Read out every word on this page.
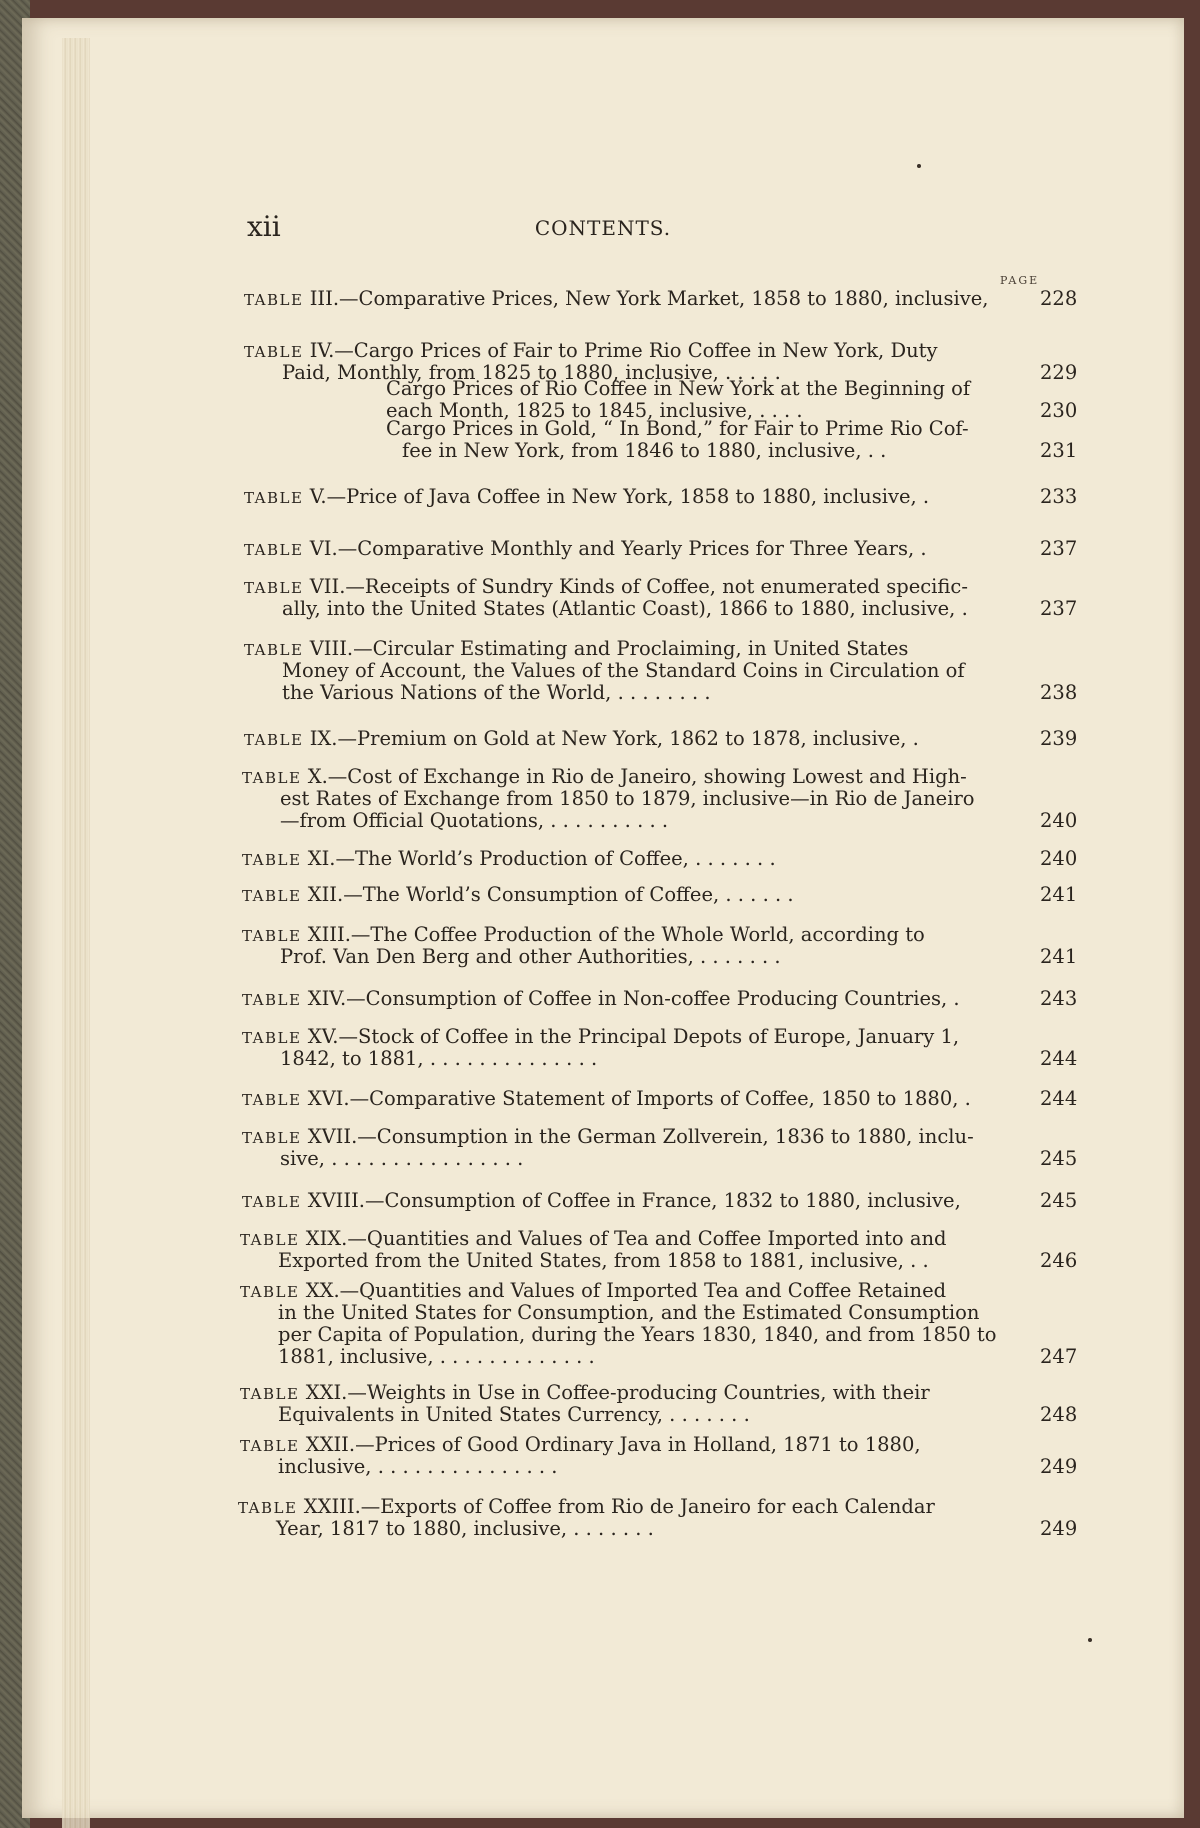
xii	CONTENTS.
PAGE
TABLE III.—Comparative Prices, New York Market, 1858 to 1880, inclusive,	228
TABLE IV.—Cargo Prices of Fair to Prime Rio Coffee in New York, Duty
Paid, Monthly, from 1825 to 1880, inclusive, . . . . .	229
Cargo Prices of Rio Coffee in New York at the Beginning of
each Month, 1825 to 1845, inclusive, . . . .	230
Cargo Prices in Gold, “ In Bond,” for Fair to Prime Rio Cof-
fee in New York, from 1846 to 1880, inclusive, . .	231
TABLE V.—Price of Java Coffee in New York, 1858 to 1880, inclusive, .	233
TABLE VI.—Comparative Monthly and Yearly Prices for Three Years, .	237
TABLE VII.—Receipts of Sundry Kinds of Coffee, not enumerated specific-
ally, into the United States (Atlantic Coast), 1866 to 1880, inclusive, .	237
TABLE VIII.—Circular Estimating and Proclaiming, in United States
Money of Account, the Values of the Standard Coins in Circulation of
the Various Nations of the World, . . . . . . . .	238
TABLE IX.—Premium on Gold at New York, 1862 to 1878, inclusive, .	239
TABLE X.—Cost of Exchange in Rio de Janeiro, showing Lowest and High-
est Rates of Exchange from 1850 to 1879, inclusive—in Rio de Janeiro
—from Official Quotations, . . . . . . . . . .	240
TABLE XI.—The World’s Production of Coffee, . . . . . . .	240
TABLE XII.—The World’s Consumption of Coffee, . . . . . .	241
TABLE XIII.—The Coffee Production of the Whole World, according to
Prof. Van Den Berg and other Authorities, . . . . . . .	241
TABLE XIV.—Consumption of Coffee in Non-coffee Producing Countries, .	243
TABLE XV.—Stock of Coffee in the Principal Depots of Europe, January 1,
1842, to 1881, . . . . . . . . . . . . . .	244
TABLE XVI.—Comparative Statement of Imports of Coffee, 1850 to 1880, .	244
TABLE XVII.—Consumption in the German Zollverein, 1836 to 1880, inclu-
sive, . . . . . . . . . . . . . . . .	245
TABLE XVIII.—Consumption of Coffee in France, 1832 to 1880, inclusive,	245
TABLE XIX.—Quantities and Values of Tea and Coffee Imported into and
Exported from the United States, from 1858 to 1881, inclusive, . .	246
TABLE XX.—Quantities and Values of Imported Tea and Coffee Retained
in the United States for Consumption, and the Estimated Consumption
per Capita of Population, during the Years 1830, 1840, and from 1850 to
1881, inclusive, . . . . . . . . . . . . .	247
TABLE XXI.—Weights in Use in Coffee-producing Countries, with their
Equivalents in United States Currency, . . . . . . .	248
TABLE XXII.—Prices of Good Ordinary Java in Holland, 1871 to 1880,
inclusive, . . . . . . . . . . . . . . .	249
TABLE XXIII.—Exports of Coffee from Rio de Janeiro for each Calendar
Year, 1817 to 1880, inclusive, . . . . . . .	249
